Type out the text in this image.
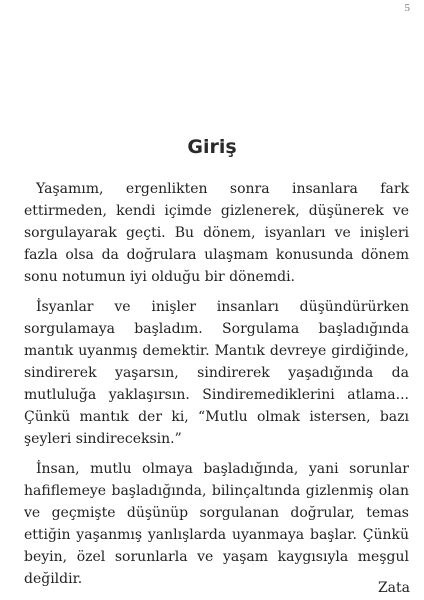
5
Giriş

Yaşamım, ergenlikten sonra insanlara fark ettirmeden, kendi içimde gizlenerek, düşünerek ve sorgulayarak geçti. Bu dönem, isyanları ve inişleri fazla olsa da doğrulara ulaşmam konusunda dönem sonu notumun iyi olduğu bir dönemdi.

İsyanlar ve inişler insanları düşündürürken sorgulamaya başladım. Sorgulama başladığında mantık uyanmış demektir. Mantık devreye girdiğinde, sindirerek yaşarsın, sindirerek yaşadığında da mutluluğa yaklaşırsın. Sindiremediklerini atlama... Çünkü mantık der ki, “Mutlu olmak istersen, bazı şeyleri sindireceksin.”

İnsan, mutlu olmaya başladığında, yani sorunlar hafiflemeye başladığında, bilinçaltında gizlenmiş olan ve geçmişte düşünüp sorgulanan doğrular, temas ettiğin yaşanmış yanlışlarda uyanmaya başlar. Çünkü beyin, özel sorunlarla ve yaşam kaygısıyla meşgul değildir.

Zata
